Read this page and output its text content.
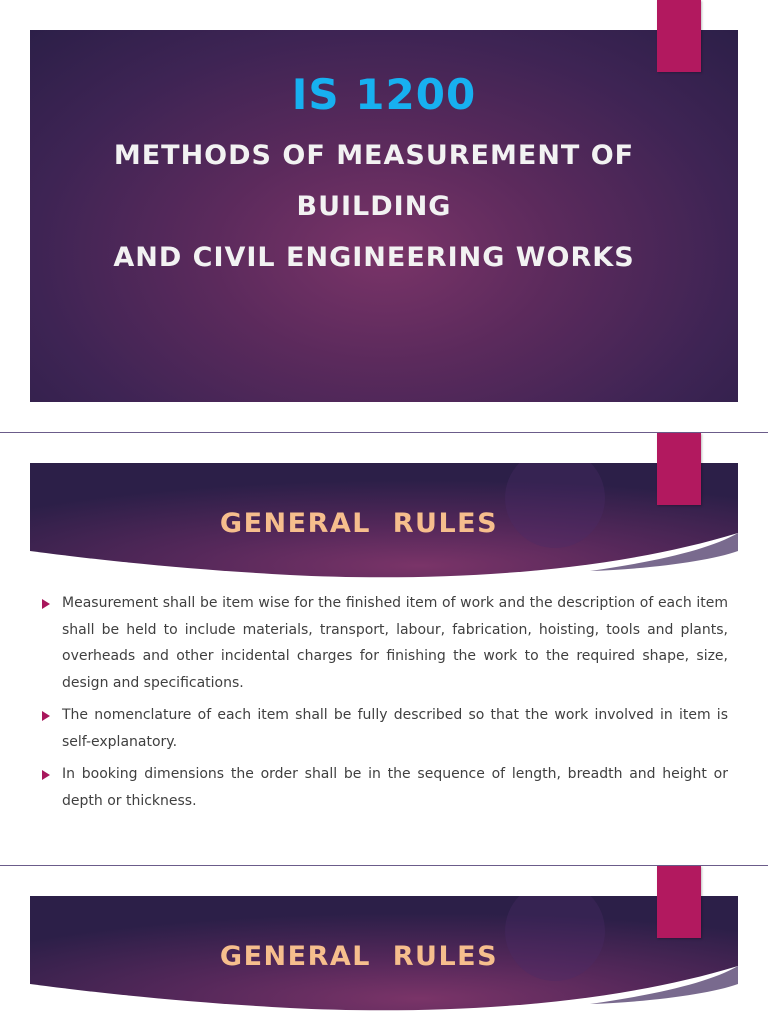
IS 1200
METHODS OF MEASUREMENT OF
BUILDING
AND CIVIL ENGINEERING WORKS
GENERAL  RULES
Measurement shall be item wise for the finished item of work and the description of each item shall be held to include materials, transport, labour, fabrication, hoisting, tools and plants, overheads and other incidental charges for finishing the work to the required shape, size, design and specifications.
The nomenclature of each item shall be fully described so that the work involved in item is self-explanatory.
In booking dimensions the order shall be in the sequence of length, breadth and height or depth or thickness.
GENERAL  RULES
